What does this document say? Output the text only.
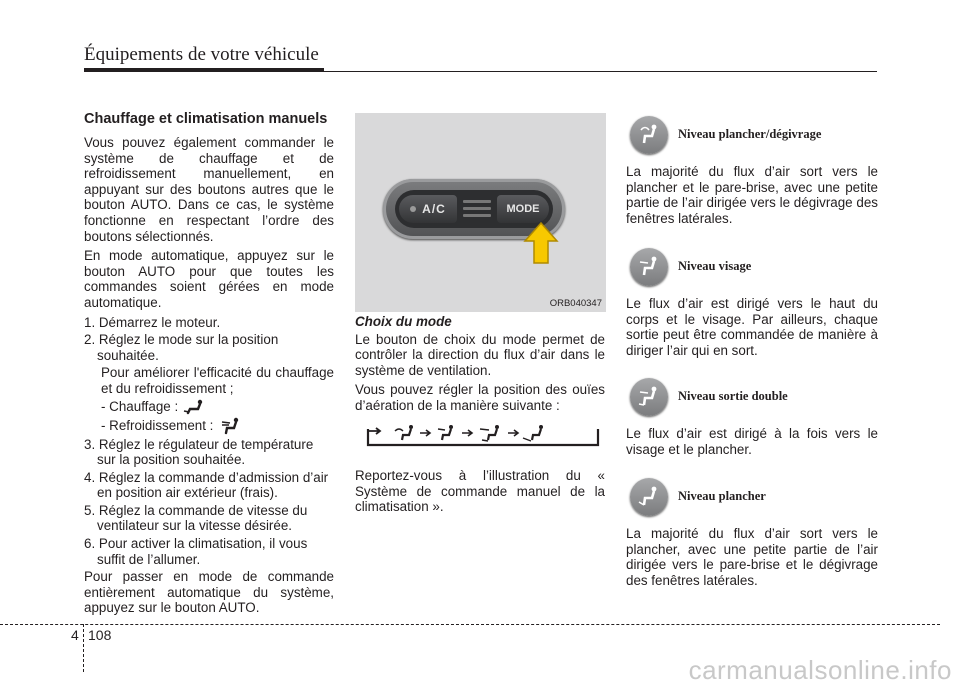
Équipements de votre véhicule
Chauffage et climatisation manuels

Vous pouvez également commander le système de chauffage et de refroidissement manuellement, en appuyant sur des boutons autres que le bouton AUTO. Dans ce cas, le système fonctionne en respectant l’ordre des boutons sélectionnés.

En mode automatique, appuyez sur le bouton AUTO pour que toutes les commandes soient gérées en mode automatique.

1. Démarrez le moteur.
2. Réglez le mode sur la position souhaitée.

Pour améliorer l'efficacité du chauffage et du refroidissement ;

- Chauffage :
- Refroidissement :
3. Réglez le régulateur de température sur la position souhaitée.
4. Réglez la commande d’admission d’air en position air extérieur (frais).
5. Réglez la commande de vitesse du ventilateur sur la vitesse désirée.
6. Pour activer la climatisation, il vous suffit de l’allumer.

Pour passer en mode de commande entièrement automatique du système, appuyez sur le bouton AUTO.

A/C	MODE
ORB040347

Choix du mode

Le bouton de choix du mode permet de contrôler la direction du flux d’air dans le système de ventilation.

Vous pouvez régler la position des ouïes d’aération de la manière suivante :

Reportez-vous à l’illustration du « Système de commande manuel de la climatisation ».

Niveau plancher/dégivrage

La majorité du flux d’air sort vers le plancher et le pare-brise, avec une petite partie de l’air dirigée vers le dégivrage des fenêtres latérales.

Niveau visage

Le flux d’air est dirigé vers le haut du corps et le visage. Par ailleurs, chaque sortie peut être commandée de manière à diriger l’air qui en sort.

Niveau sortie double

Le flux d’air est dirigé à la fois vers le visage et le plancher.

Niveau plancher

La majorité du flux d’air sort vers le plancher, avec une petite partie de l’air dirigée vers le pare-brise et le dégivrage des fenêtres latérales.

4 108
carmanualsonline.info
